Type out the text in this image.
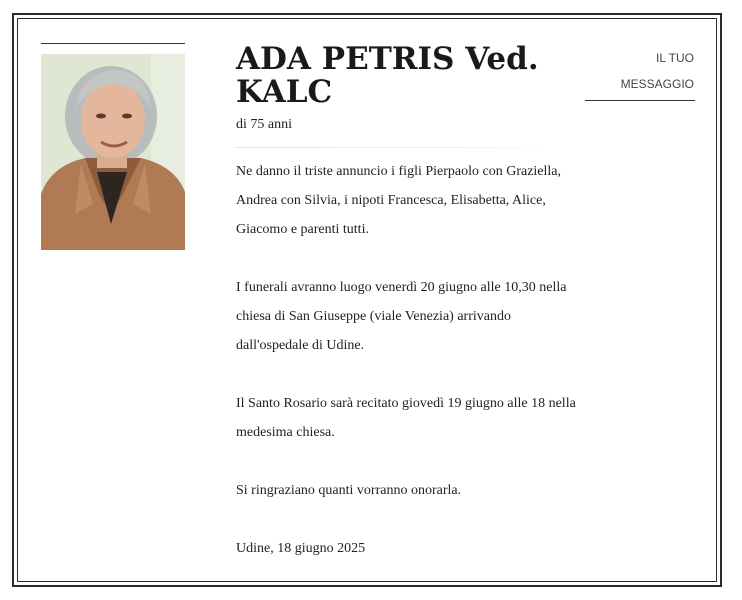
ADA PETRIS Ved. KALC
di 75 anni

Ne danno il triste annuncio i figli Pierpaolo con Graziella, Andrea con Silvia, i nipoti Francesca, Elisabetta, Alice, Giacomo e parenti tutti.

I funerali avranno luogo venerdì 20 giugno alle 10,30 nella chiesa di San Giuseppe (viale Venezia) arrivando dall'ospedale di Udine.

Il Santo Rosario sarà recitato giovedì 19 giugno alle 18 nella medesima chiesa.

Si ringraziano quanti vorranno onorarla.

Udine, 18 giugno 2025

IL TUO MESSAGGIO
